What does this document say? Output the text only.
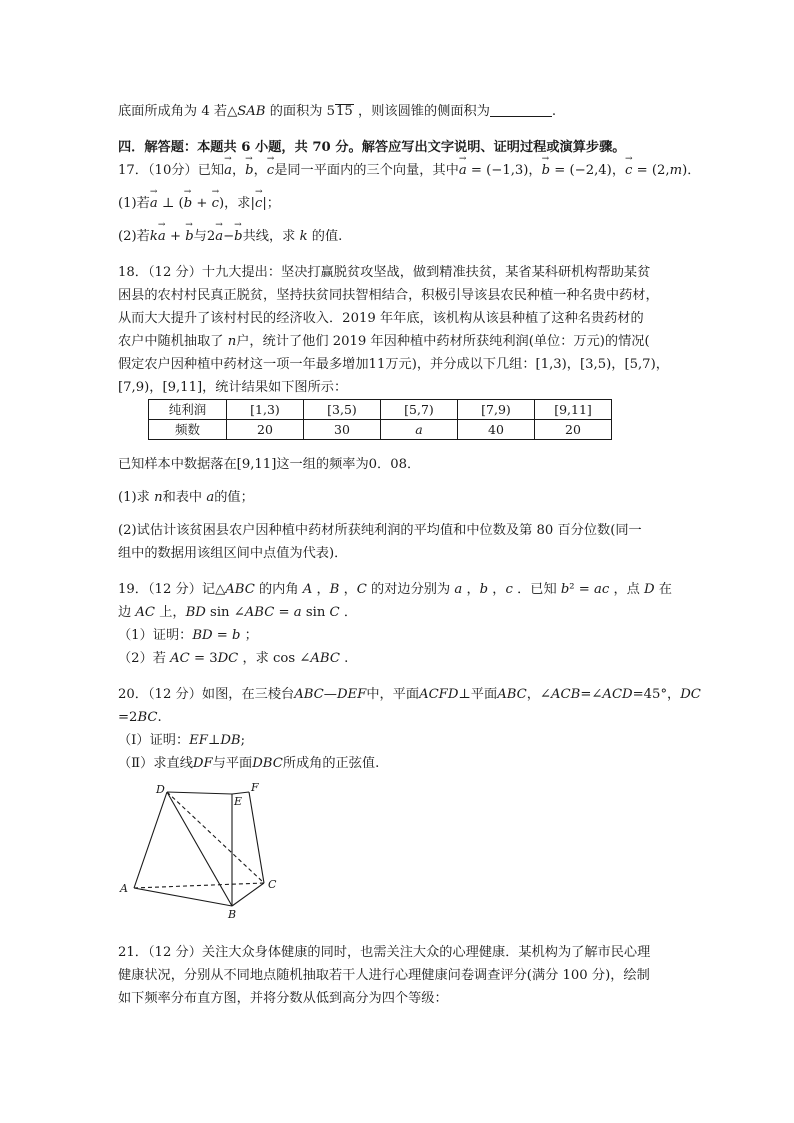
底面所成角为 4 若△SAB 的面积为 515 ，则该圆锥的侧面积为	.
四．解答题：本题共 6 小题，共 70 分。解答应写出文字说明、证明过程或演算步骤。
17．（10分）已知→ a，→ b，→ c是同一平面内的三个向量，其中→ a = (−1,3)，→ b = (−2,4)，→ c = (2,m)．
(1)若→ a ⊥ (→ b + → c)，求|→ c|；
(2)若k→ a + → b与2→ a−→ b共线，求 k 的值.
18．（12 分）十九大提出：坚决打赢脱贫攻坚战，做到精准扶贫，某省某科研机构帮助某贫
困县的农村村民真正脱贫，坚持扶贫同扶智相结合，积极引导该县农民种植一种名贵中药材，
从而大大提升了该村村民的经济收入．2019 年年底，该机构从该县种植了这种名贵药材的
农户中随机抽取了 n户，统计了他们 2019 年因种植中药材所获纯利润(单位：万元)的情况(
假定农户因种植中药材这一项一年最多增加11万元)，并分成以下几组：[1,3)，[3,5)，[5,7)，
[7,9)，[9,11]，统计结果如下图所示：
纯利润	[1,3)	[3,5)	[5,7)	[7,9)	[9,11]
频数	20	30	a	40	20
已知样本中数据落在[9,11]这一组的频率为0．08．
(1)求 n和表中 a的值；
(2)试估计该贫困县农户因种植中药材所获纯利润的平均值和中位数及第 80 百分位数(同一
组中的数据用该组区间中点值为代表)．
19．（12 分）记△ABC 的内角 A ，B ，C 的对边分别为 a ，b ，c ．已知 b² = ac ，点 D 在
边 AC 上，BD sin ∠ABC = a sin C ．
（1）证明：BD = b ；
（2）若 AC = 3DC ，求 cos ∠ABC .
20．（12 分）如图，在三棱台ABC—DEF中，平面ACFD⊥平面ABC，∠ACB=∠ACD=45°，DC
=2BC.
（Ⅰ）证明：EF⊥DB;
（Ⅱ）求直线DF与平面DBC所成角的正弦值.
D
E
F
A
B
C
21．（12 分）关注大众身体健康的同时，也需关注大众的心理健康．某机构为了解市民心理
健康状况，分别从不同地点随机抽取若干人进行心理健康问卷调查评分(满分 100 分)，绘制
如下频率分布直方图，并将分数从低到高分为四个等级：
